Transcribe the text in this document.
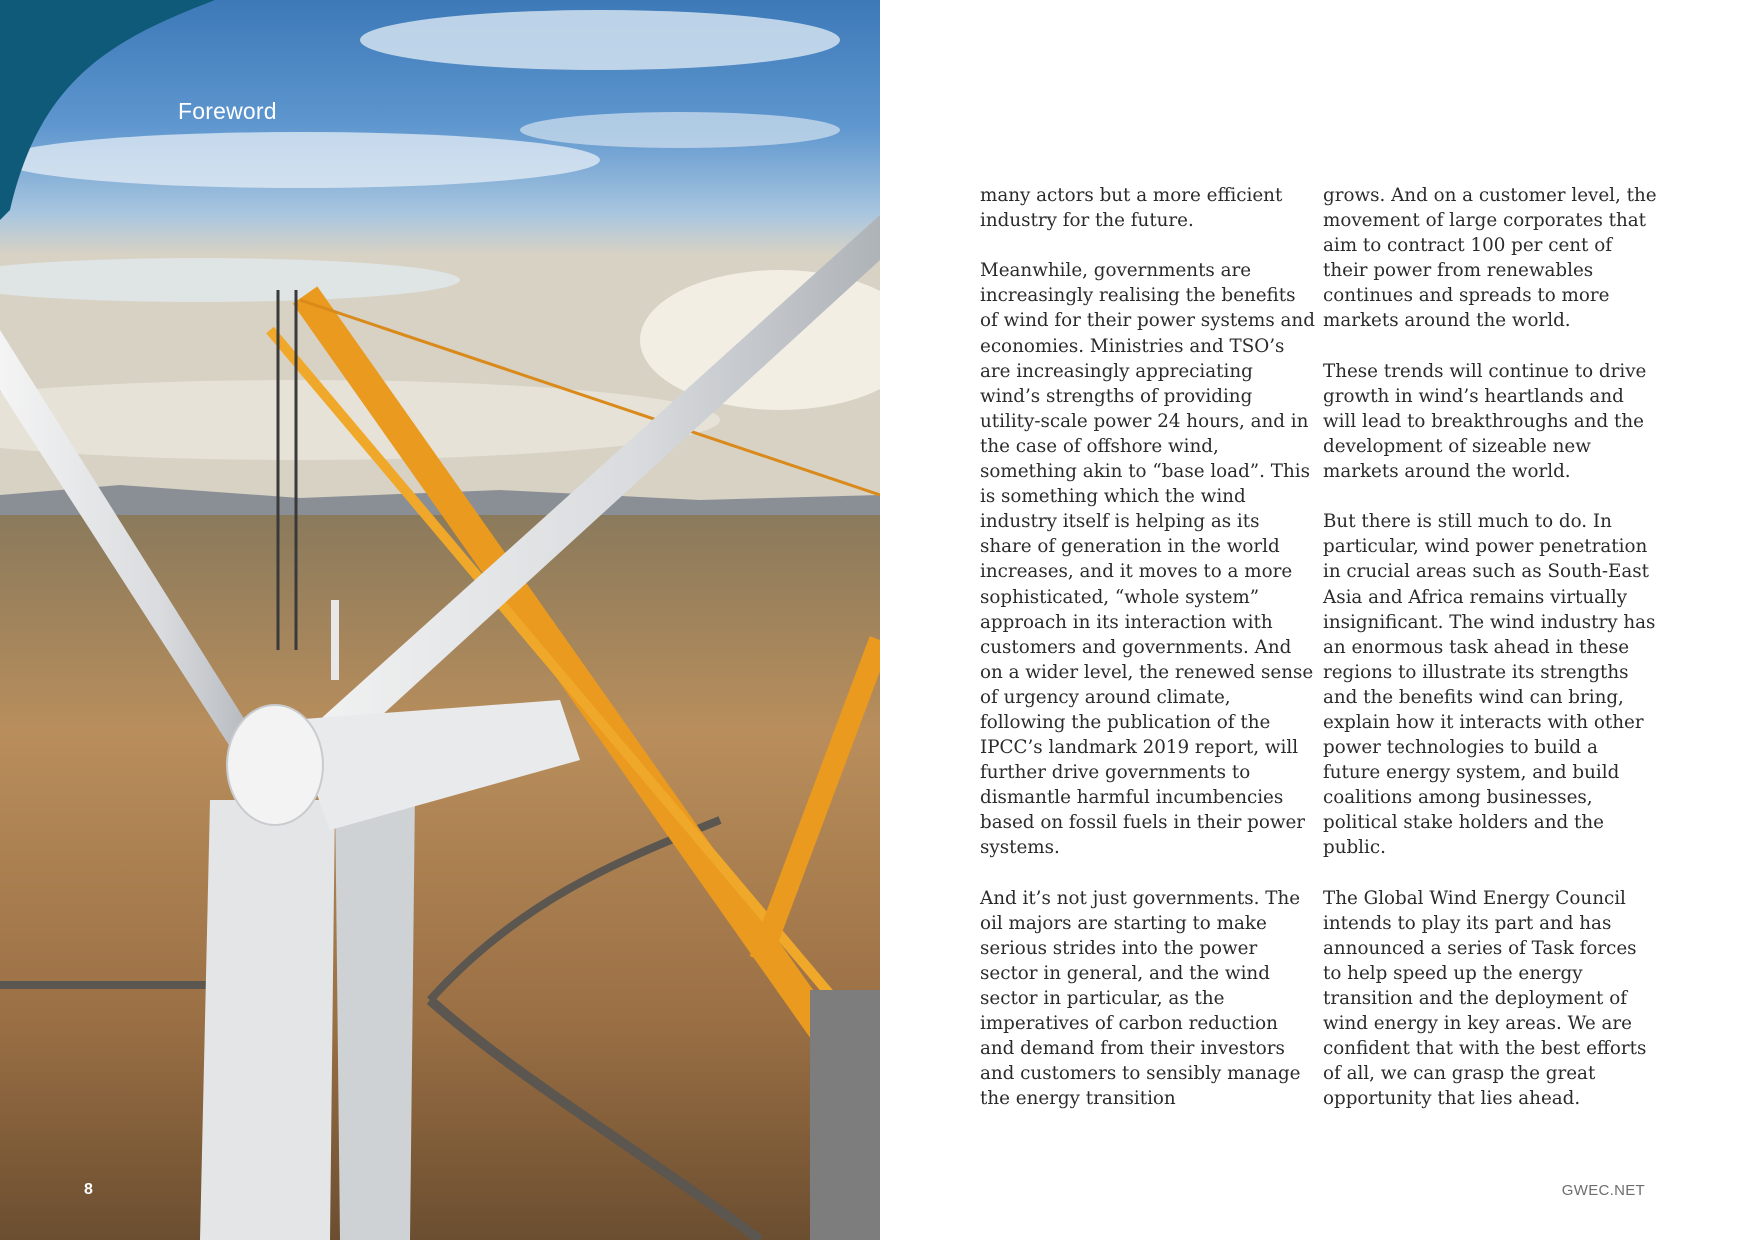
Foreword
8

many actors but a more efficient industry for the future.

Meanwhile, governments are increasingly realising the benefits of wind for their power systems and economies. Ministries and TSO’s are increasingly appreciating wind’s strengths of providing utility-scale power 24 hours, and in the case of offshore wind, something akin to “base load”. This is something which the wind industry itself is helping as its share of generation in the world increases, and it moves to a more sophisticated, “whole system” approach in its interaction with customers and governments. And on a wider level, the renewed sense of urgency around climate, following the publication of the IPCC’s landmark 2019 report, will further drive governments to dismantle harmful incumbencies based on fossil fuels in their power systems.

And it’s not just governments. The oil majors are starting to make serious strides into the power sector in general, and the wind sector in particular, as the imperatives of carbon reduction and demand from their investors and customers to sensibly manage the energy transition

grows. And on a customer level, the movement of large corporates that aim to contract 100 per cent of their power from renewables continues and spreads to more markets around the world.

These trends will continue to drive growth in wind’s heartlands and will lead to breakthroughs and the development of sizeable new markets around the world.

But there is still much to do. In particular, wind power penetration in crucial areas such as South-East Asia and Africa remains virtually insignificant. The wind industry has an enormous task ahead in these regions to illustrate its strengths and the benefits wind can bring, explain how it interacts with other power technologies to build a future energy system, and build coalitions among businesses, political stake holders and the public.

The Global Wind Energy Council intends to play its part and has announced a series of Task forces to help speed up the energy transition and the deployment of wind energy in key areas. We are confident that with the best efforts of all, we can grasp the great opportunity that lies ahead.

GWEC.NET
